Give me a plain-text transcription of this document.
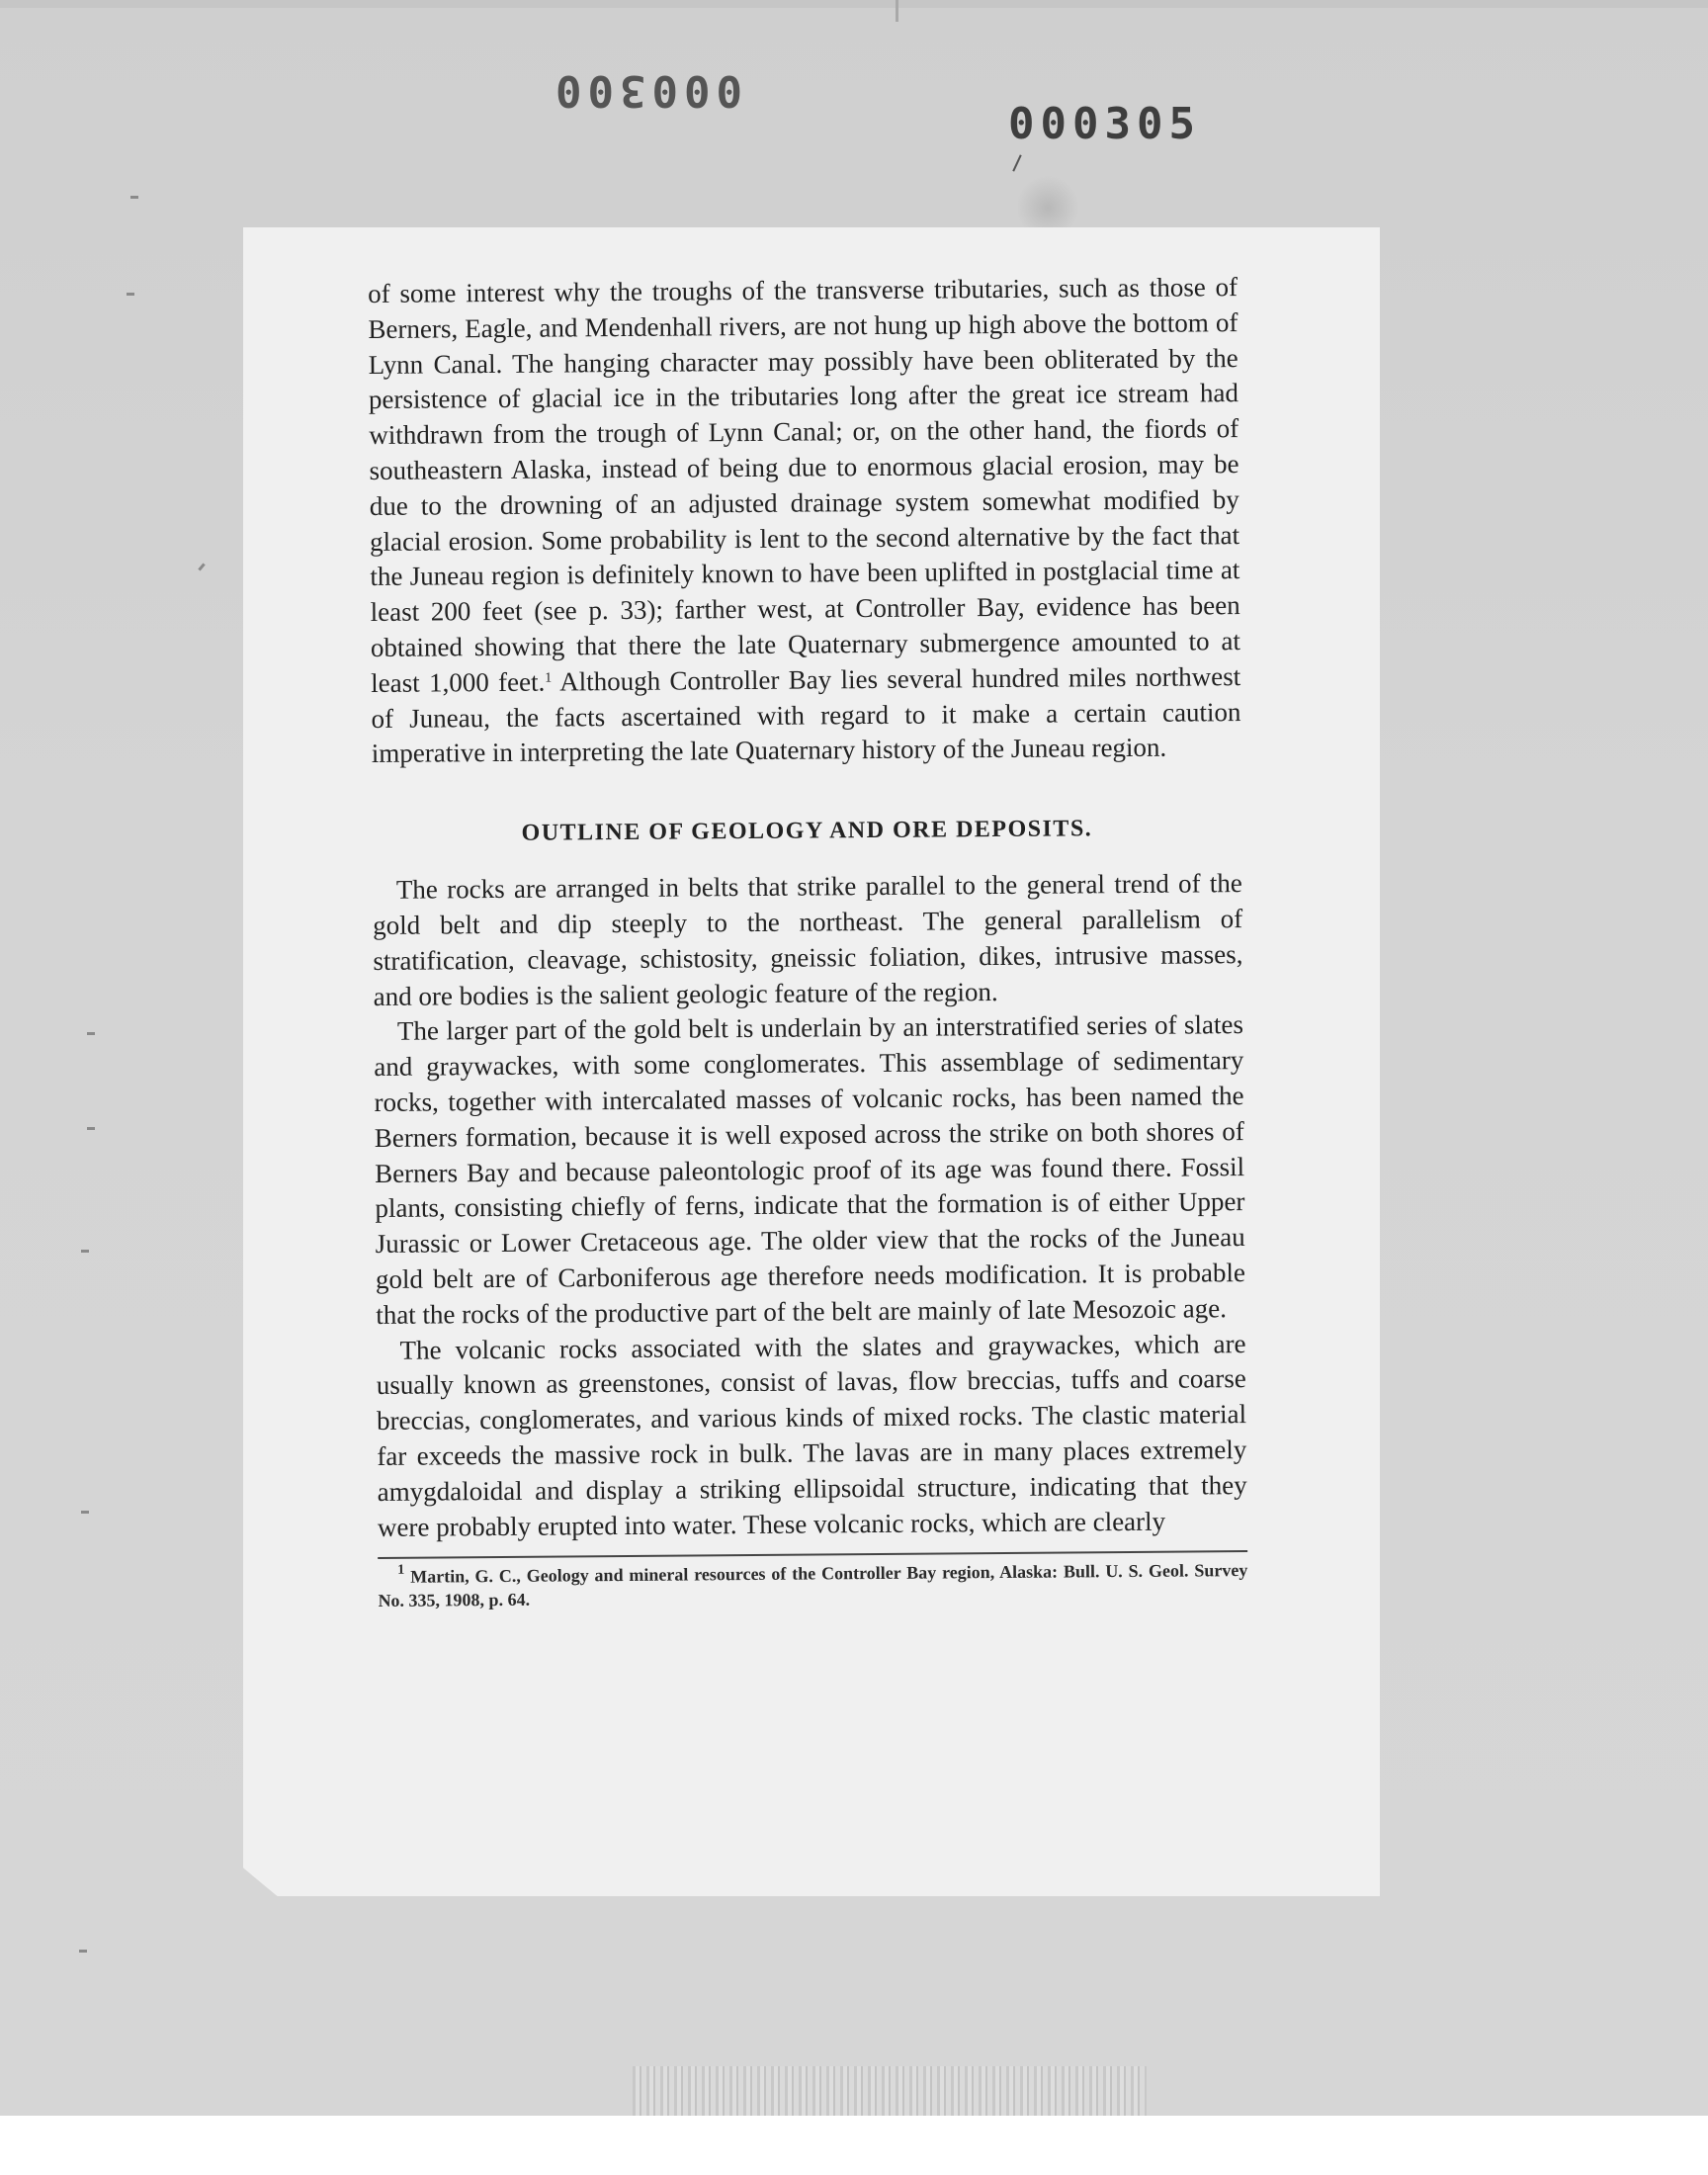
000300
000305

of some interest why the troughs of the transverse tributaries, such as those of Berners, Eagle, and Mendenhall rivers, are not hung up high above the bottom of Lynn Canal. The hanging character may possibly have been obliterated by the persistence of glacial ice in the tributaries long after the great ice stream had withdrawn from the trough of Lynn Canal; or, on the other hand, the fiords of southeastern Alaska, instead of being due to enormous glacial erosion, may be due to the drowning of an adjusted drainage system somewhat modified by glacial erosion. Some probability is lent to the second alternative by the fact that the Juneau region is definitely known to have been uplifted in postglacial time at least 200 feet (see p. 33); farther west, at Controller Bay, evidence has been obtained showing that there the late Quaternary submergence amounted to at least 1,000 feet.$^1$ Although Controller Bay lies several hundred miles northwest of Juneau, the facts ascertained with regard to it make a certain caution imperative in interpreting the late Quaternary history of the Juneau region.

OUTLINE OF GEOLOGY AND ORE DEPOSITS.

The rocks are arranged in belts that strike parallel to the general trend of the gold belt and dip steeply to the northeast. The general parallelism of stratification, cleavage, schistosity, gneissic foliation, dikes, intrusive masses, and ore bodies is the salient geologic feature of the region.

The larger part of the gold belt is underlain by an interstratified series of slates and graywackes, with some conglomerates. This assemblage of sedimentary rocks, together with intercalated masses of volcanic rocks, has been named the Berners formation, because it is well exposed across the strike on both shores of Berners Bay and because paleontologic proof of its age was found there. Fossil plants, consisting chiefly of ferns, indicate that the formation is of either Upper Jurassic or Lower Cretaceous age. The older view that the rocks of the Juneau gold belt are of Carboniferous age therefore needs modification. It is probable that the rocks of the productive part of the belt are mainly of late Mesozoic age.

The volcanic rocks associated with the slates and graywackes, which are usually known as greenstones, consist of lavas, flow breccias, tuffs and coarse breccias, conglomerates, and various kinds of mixed rocks. The clastic material far exceeds the massive rock in bulk. The lavas are in many places extremely amygdaloidal and display a striking ellipsoidal structure, indicating that they were probably erupted into water. These volcanic rocks, which are clearly

$^1$ Martin, G. C., Geology and mineral resources of the Controller Bay region, Alaska: Bull. U. S. Geol. Survey No. 335, 1908, p. 64.
